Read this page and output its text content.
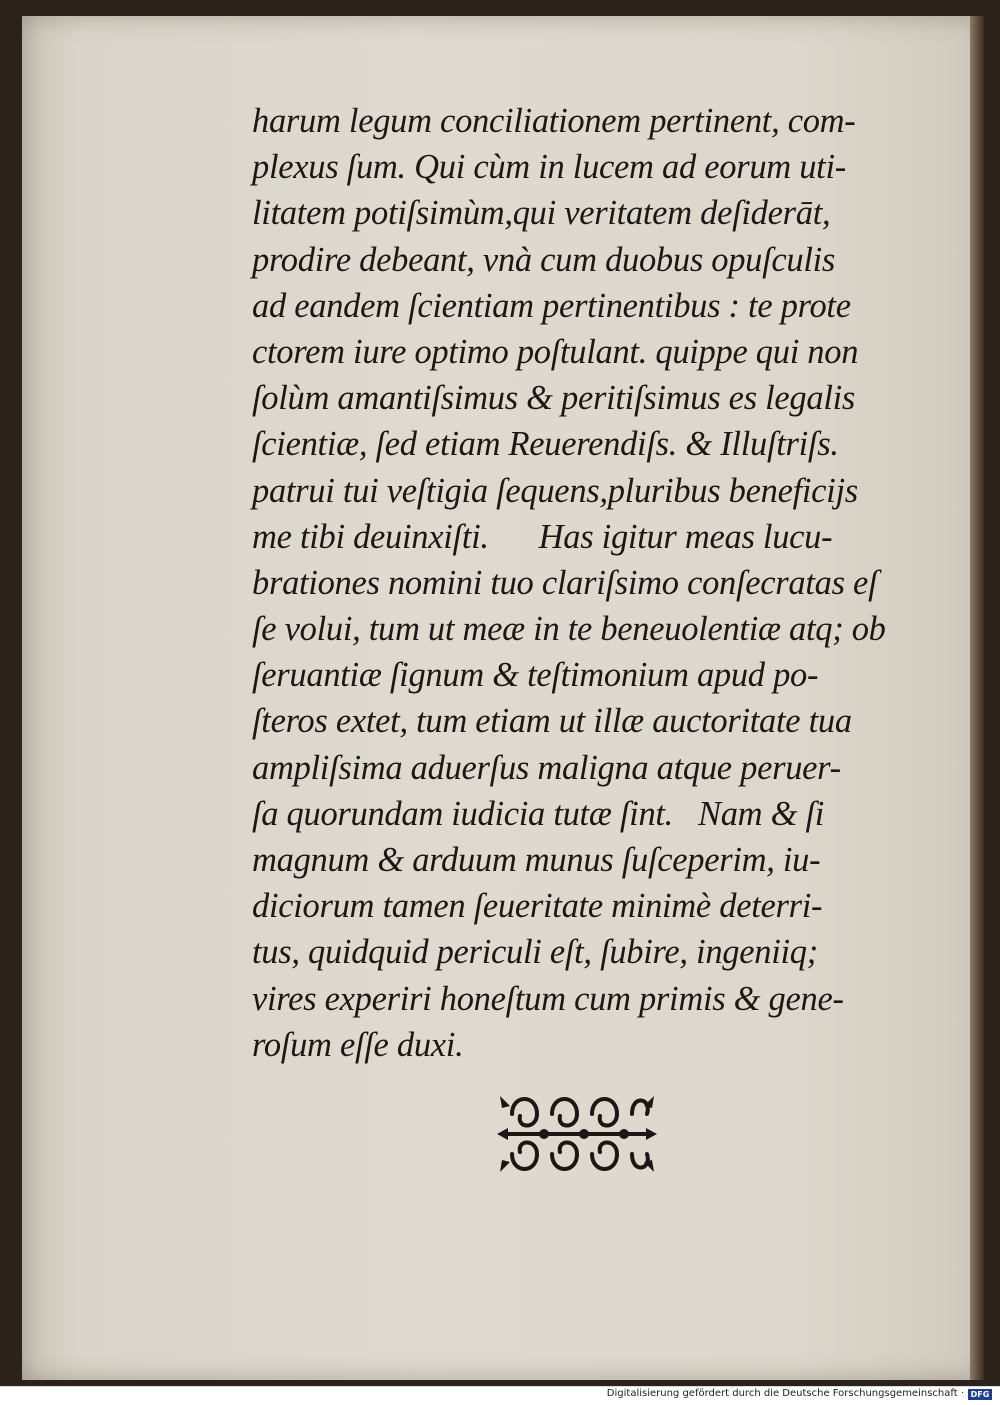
harum legum conciliationem pertinent, com-
plexus ſum. Qui cùm in lucem ad eorum uti-
litatem potiſsimùm,qui veritatem deſiderāt,
prodire debeant, vnà cum duobus opuſculis
ad eandem ſcientiam pertinentibus : te prote
ctorem iure optimo poſtulant. quippe qui non
ſolùm amantiſsimus & peritiſsimus es legalis
ſcientiæ, ſed etiam Reuerendiſs. & Illuſtriſs.
patrui tui veſtigia ſequens,pluribus beneficijs
me tibi deuinxiſti.      Has igitur meas lucu-
brationes nomini tuo clariſsimo conſecratas eſ
ſe volui, tum ut meæ in te beneuolentiæ atq; ob
ſeruantiæ ſignum & teſtimonium apud po-
ſteros extet, tum etiam ut illæ auctoritate tua
ampliſsima aduerſus maligna atque peruer-
ſa quorundam iudicia tutæ ſint.   Nam & ſi
magnum & arduum munus ſuſceperim, iu-
diciorum tamen ſeueritate minimè deterri-
tus, quidquid periculi eſt, ſubire, ingeniiq;
vires experiri honeſtum cum primis & gene-
roſum eſſe duxi.
Digitalisierung gefördert durch die Deutsche Forschungsgemeinschaft · DFG
